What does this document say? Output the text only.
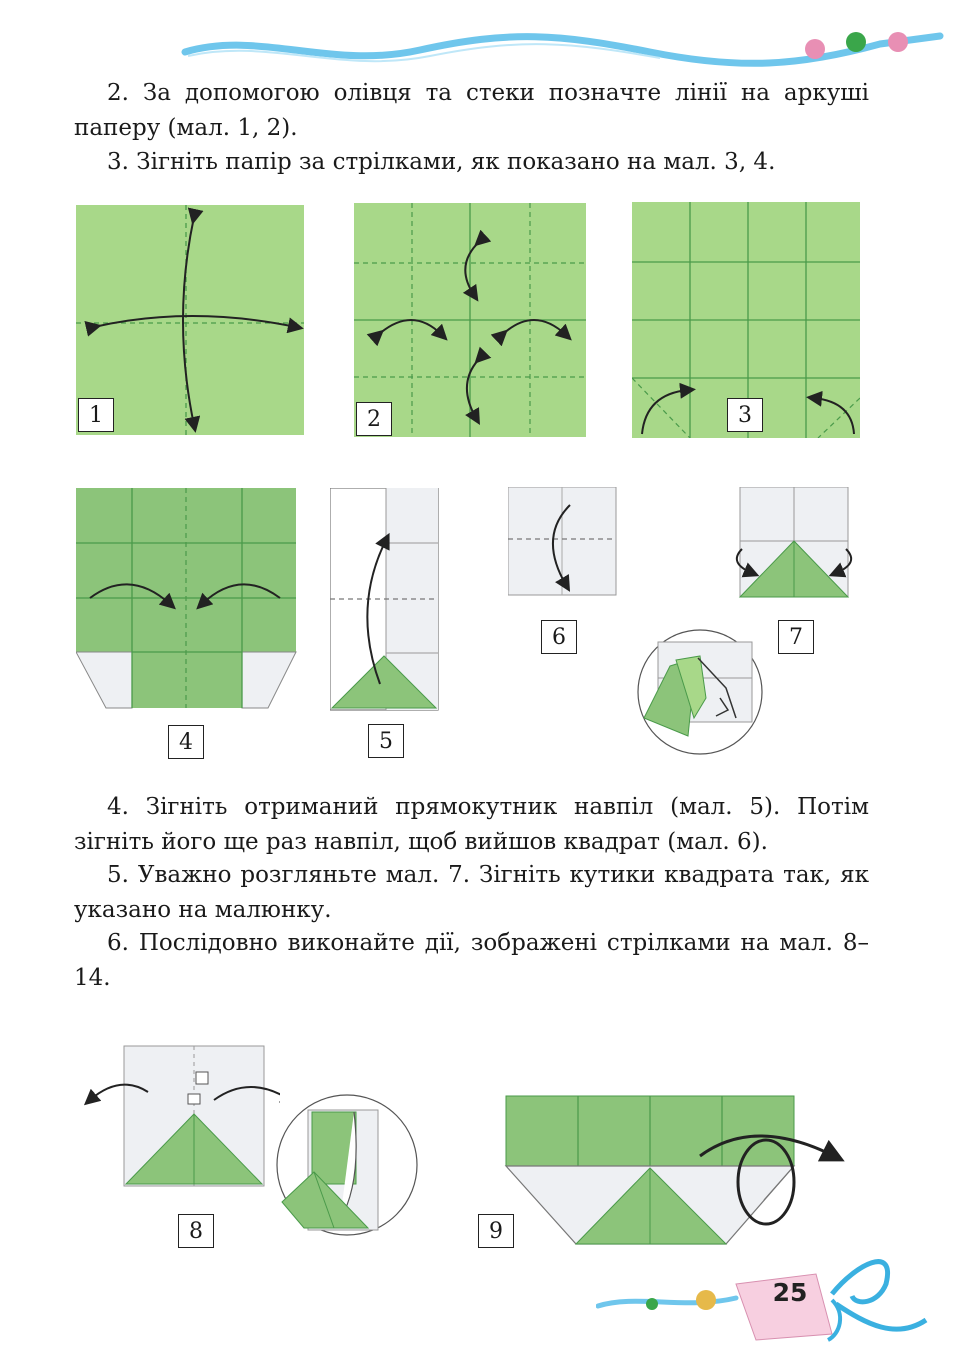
2. За допомогою олівця та стеки позначте лінії на аркуші паперу (мал. 1, 2).

3. Зігніть папір за стрілками, як показано на мал. 3, 4.

1	2	3
4	5
6	7

4. Зігніть отриманий прямокутник навпіл (мал. 5). Потім зігніть його ще раз навпіл, щоб вийшов квадрат (мал. 6).

5. Уважно розгляньте мал. 7. Зігніть кутики квадрата так, як указано на малюнку.

6. Послідовно виконайте дії, зображені стрілками на мал. 8–14.

8	9
25
